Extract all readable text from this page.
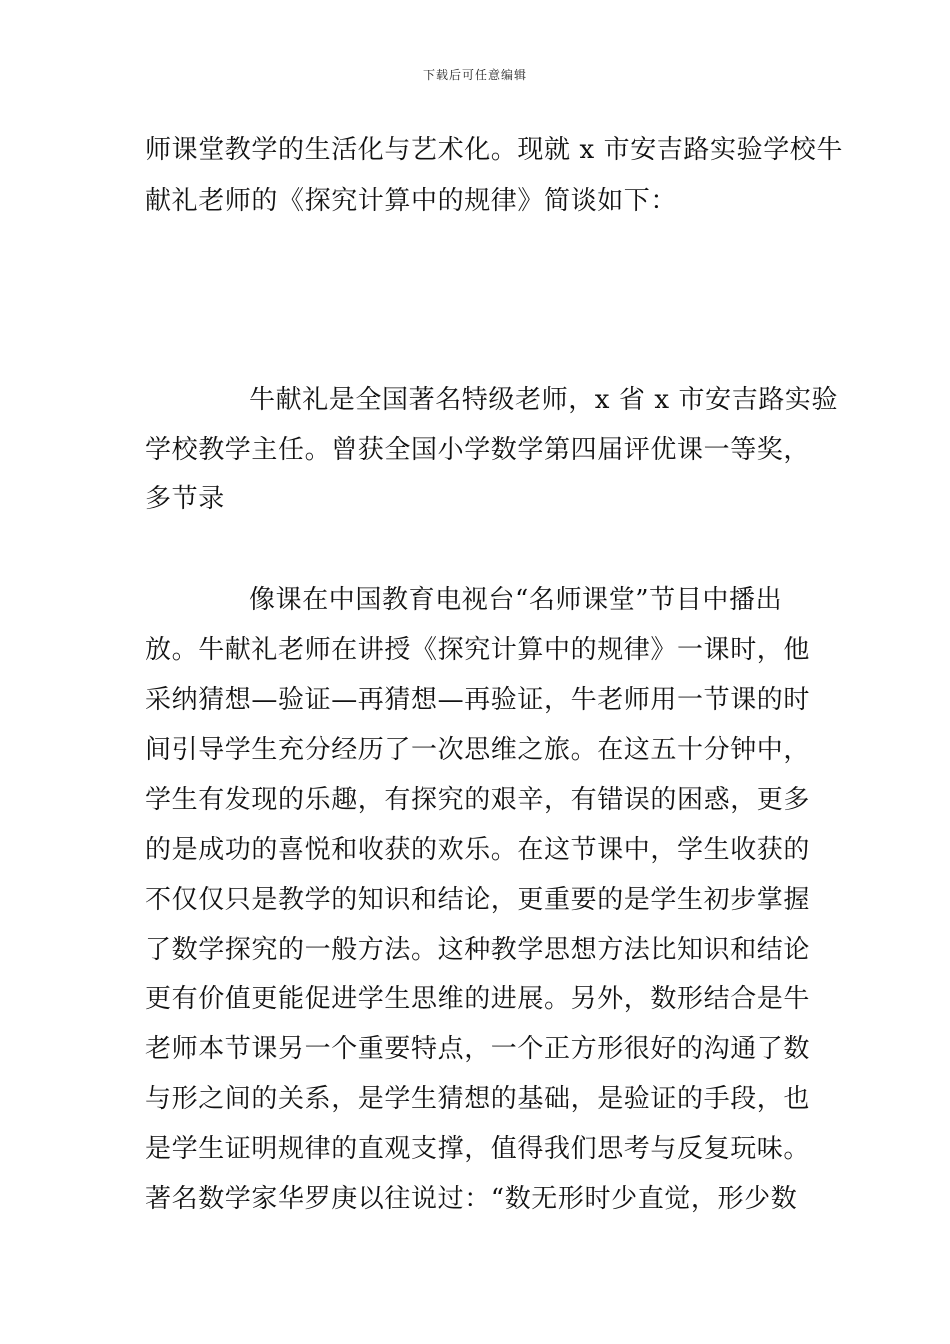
下载后可任意编辑
师课堂教学的生活化与艺术化。现就 x 市安吉路实验学校牛
献礼老师的《探究计算中的规律》简谈如下：
牛献礼是全国著名特级老师，x 省 x 市安吉路实验
学校教学主任。曾获全国小学数学第四届评优课一等奖，
多节录
像课在中国教育电视台“名师课堂”节目中播出
放。牛献礼老师在讲授《探究计算中的规律》一课时，他
采纳猜想—验证—再猜想—再验证，牛老师用一节课的时
间引导学生充分经历了一次思维之旅。在这五十分钟中，
学生有发现的乐趣，有探究的艰辛，有错误的困惑，更多
的是成功的喜悦和收获的欢乐。在这节课中，学生收获的
不仅仅只是教学的知识和结论，更重要的是学生初步掌握
了数学探究的一般方法。这种教学思想方法比知识和结论
更有价值更能促进学生思维的进展。另外，数形结合是牛
老师本节课另一个重要特点，一个正方形很好的沟通了数
与形之间的关系，是学生猜想的基础，是验证的手段，也
是学生证明规律的直观支撑，值得我们思考与反复玩味。
著名数学家华罗庚以往说过：“数无形时少直觉，形少数
